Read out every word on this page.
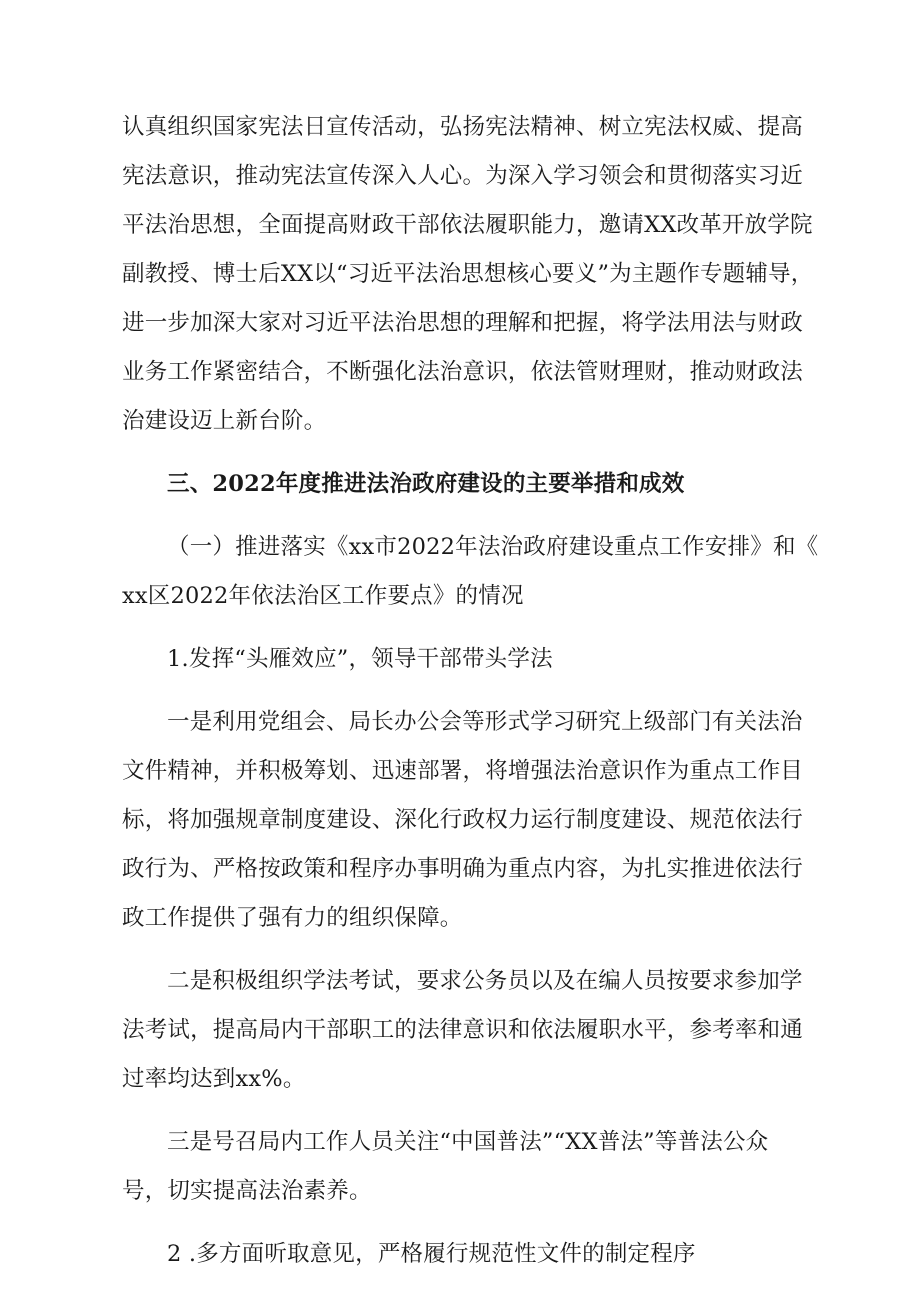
认真组织国家宪法日宣传活动，弘扬宪法精神、树立宪法权威、提高
宪法意识，推动宪法宣传深入人心。为深入学习领会和贯彻落实习近
平法治思想，全面提高财政干部依法履职能力，邀请XX改革开放学院
副教授、博士后XX以“习近平法治思想核心要义”为主题作专题辅导，
进一步加深大家对习近平法治思想的理解和把握，将学法用法与财政
业务工作紧密结合，不断强化法治意识，依法管财理财，推动财政法
治建设迈上新台阶。

三、2022年度推进法治政府建设的主要举措和成效

（一）推进落实《xx市2022年法治政府建设重点工作安排》和《
xx区2022年依法治区工作要点》的情况

1.发挥“头雁效应”，领导干部带头学法

一是利用党组会、局长办公会等形式学习研究上级部门有关法治
文件精神，并积极筹划、迅速部署，将增强法治意识作为重点工作目
标，将加强规章制度建设、深化行政权力运行制度建设、规范依法行
政行为、严格按政策和程序办事明确为重点内容，为扎实推进依法行
政工作提供了强有力的组织保障。

二是积极组织学法考试，要求公务员以及在编人员按要求参加学
法考试，提高局内干部职工的法律意识和依法履职水平，参考率和通
过率均达到xx%。

三是号召局内工作人员关注“中国普法”“XX普法”等普法公众
号，切实提高法治素养。

2 .多方面听取意见，严格履行规范性文件的制定程序
